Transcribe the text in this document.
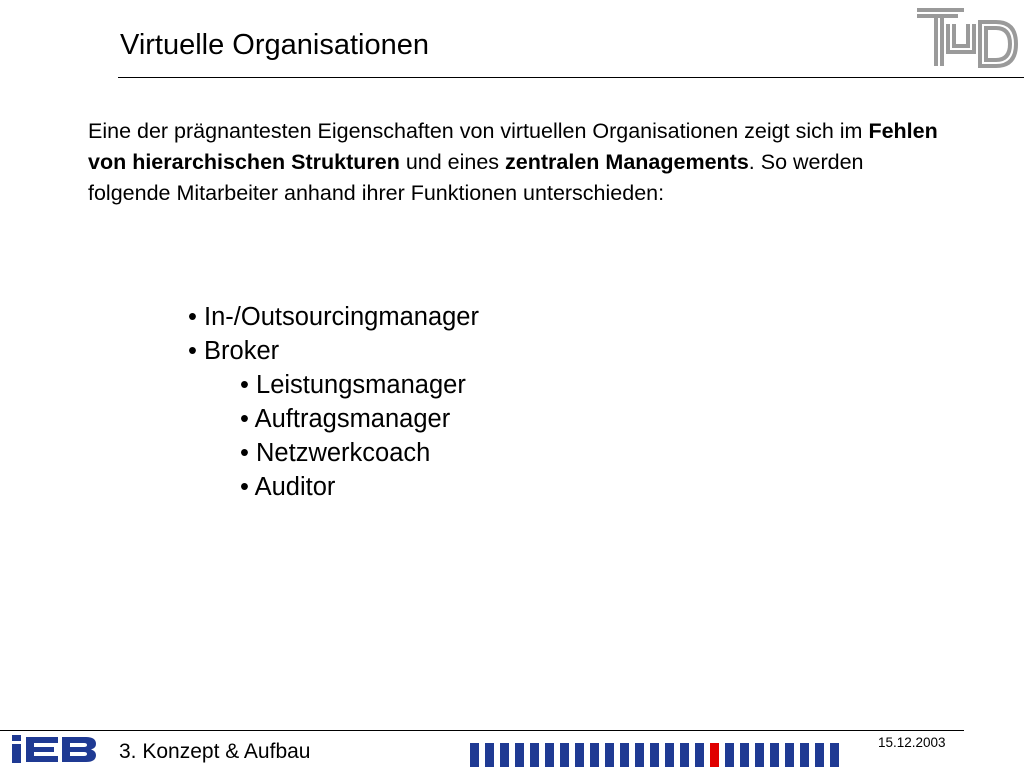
Virtuelle Organisationen

Eine der prägnantesten Eigenschaften von virtuellen Organisationen zeigt sich im Fehlen von hierarchischen Strukturen und eines zentralen Managements. So werden folgende Mitarbeiter anhand ihrer Funktionen unterschieden:

• In-/Outsourcingmanager
• Broker
• Leistungsmanager
• Auftragsmanager
• Netzwerkcoach
• Auditor
3. Konzept & Aufbau	15.12.2003
